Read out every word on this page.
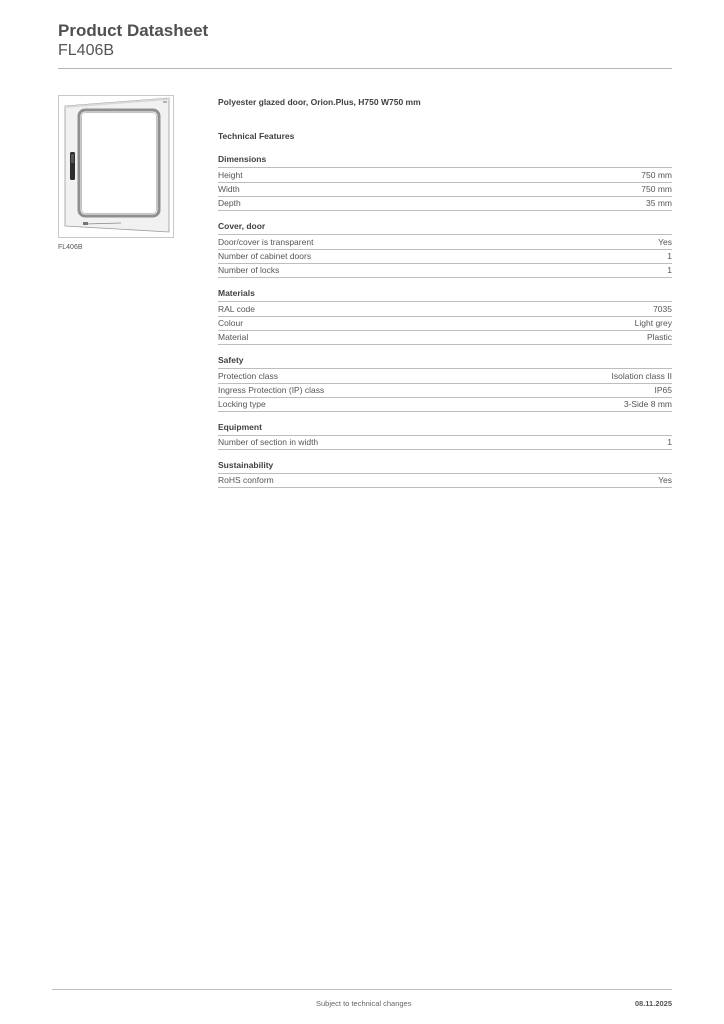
Product Datasheet
FL406B
FL406B
Polyester glazed door, Orion.Plus, H750 W750 mm
Technical Features
Dimensions
Height	750 mm
Width	750 mm
Depth	35 mm
Cover, door
Door/cover is transparent	Yes
Number of cabinet doors	1
Number of locks	1
Materials
RAL code	7035
Colour	Light grey
Material	Plastic
Safety
Protection class	Isolation class II
Ingress Protection (IP) class	IP65
Locking type	3-Side 8 mm
Equipment
Number of section in width	1
Sustainability
RoHS conform	Yes
Subject to technical changes	08.11.2025
